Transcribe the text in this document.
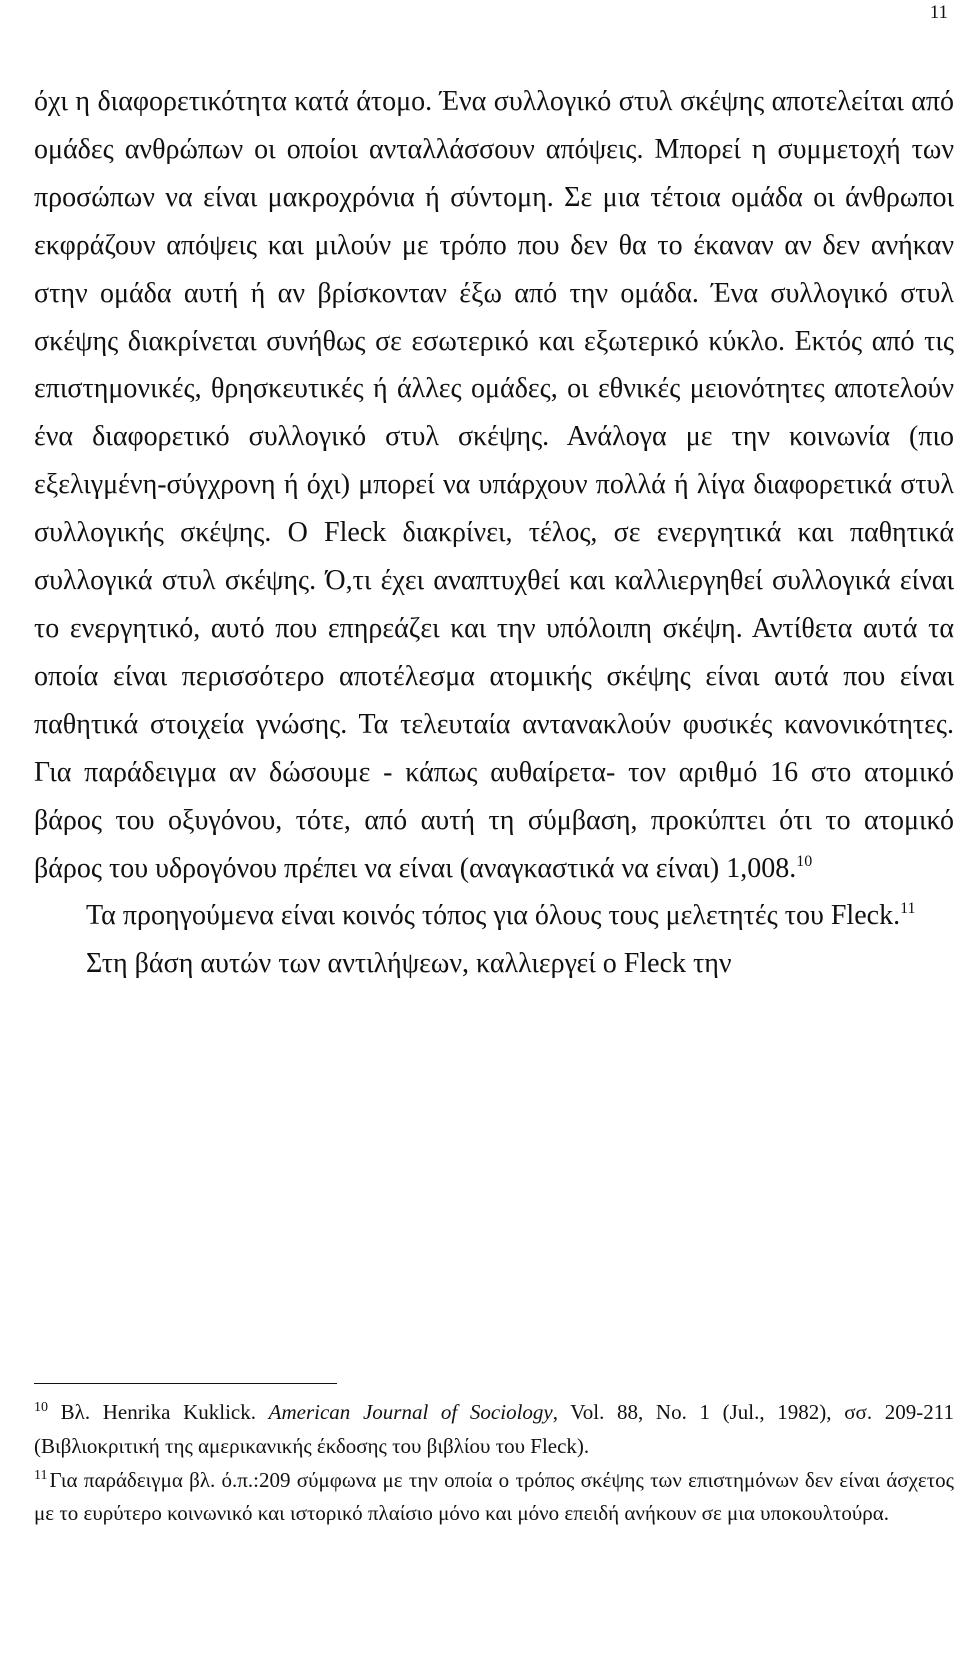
11

όχι η διαφορετικότητα κατά άτομο. Ένα συλλογικό στυλ σκέψης αποτελείται από ομάδες ανθρώπων οι οποίοι ανταλλάσσουν απόψεις. Μπορεί η συμμετοχή των προσώπων να είναι μακροχρόνια ή σύντομη. Σε μια τέτοια ομάδα οι άνθρωποι εκφράζουν απόψεις και μιλούν με τρόπο που δεν θα το έκαναν αν δεν ανήκαν στην ομάδα αυτή ή αν βρίσκονταν έξω από την ομάδα. Ένα συλλογικό στυλ σκέψης διακρίνεται συνήθως σε εσωτερικό και εξωτερικό κύκλο. Εκτός από τις επιστημονικές, θρησκευτικές ή άλλες ομάδες, οι εθνικές μειονότητες αποτελούν ένα διαφορετικό συλλογικό στυλ σκέψης. Ανάλογα με την κοινωνία (πιο εξελιγμένη-σύγχρονη ή όχι) μπορεί να υπάρχουν πολλά ή λίγα διαφορετικά στυλ συλλογικής σκέψης. Ο Fleck διακρίνει, τέλος, σε ενεργητικά και παθητικά συλλογικά στυλ σκέψης. Ό,τι έχει αναπτυχθεί και καλλιεργηθεί συλλογικά είναι το ενεργητικό, αυτό που επηρεάζει και την υπόλοιπη σκέψη. Αντίθετα αυτά τα οποία είναι περισσότερο αποτέλεσμα ατομικής σκέψης είναι αυτά που είναι παθητικά στοιχεία γνώσης. Τα τελευταία αντανακλούν φυσικές κανονικότητες. Για παράδειγμα αν δώσουμε - κάπως αυθαίρετα- τον αριθμό 16 στο ατομικό βάρος του οξυγόνου, τότε, από αυτή τη σύμβαση, προκύπτει ότι το ατομικό βάρος του υδρογόνου πρέπει να είναι (αναγκαστικά να είναι) 1,008.10

Τα προηγούμενα είναι κοινός τόπος για όλους τους μελετητές του Fleck.$^{11}$

Στη βάση αυτών των αντιλήψεων, καλλιεργεί ο Fleck την

$^{10}$ Βλ. Henrika Kuklick. American Journal of Sociology, Vol. 88, No. 1 (Jul., 1982), σσ. 209-211 (Βιβλιοκριτική της αμερικανικής έκδοσης του βιβλίου του Fleck).

$^{11}$Για παράδειγμα βλ. ό.π.:209 σύμφωνα με την οποία ο τρόπος σκέψης των επιστημόνων δεν είναι άσχετος με το ευρύτερο κοινωνικό και ιστορικό πλαίσιο μόνο και μόνο επειδή ανήκουν σε μια υποκουλτούρα.
